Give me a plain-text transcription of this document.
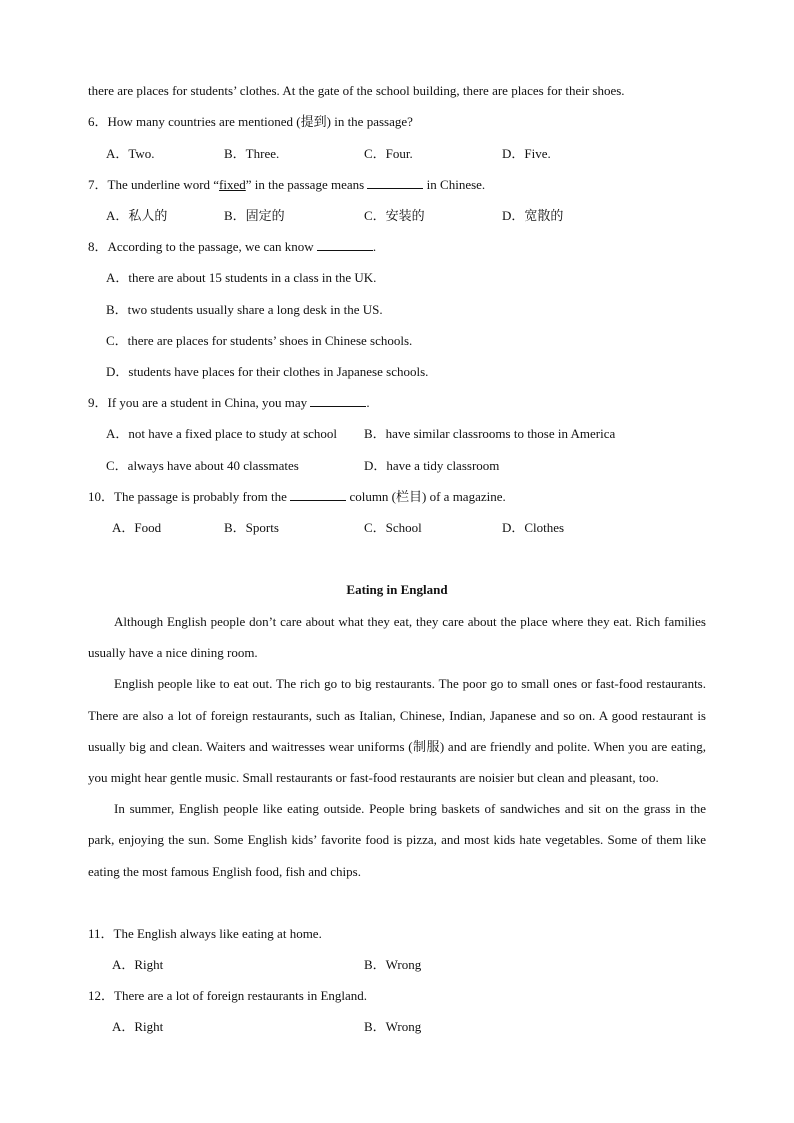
there are places for students’ clothes. At the gate of the school building, there are places for their shoes.
6．How many countries are mentioned (提到) in the passage?
A．Two.	B．Three.	C．Four.	D．Five.
7．The underline word “fixed” in the passage means	in Chinese.
A．私人的	B．固定的	C．安装的	D．宽散的
8．According to the passage, we can know	.
A．there are about 15 students in a class in the UK.
B．two students usually share a long desk in the US.
C．there are places for students’ shoes in Chinese schools.
D．students have places for their clothes in Japanese schools.
9．If you are a student in China, you may	.
A．not have a fixed place to study at school B．have similar classrooms to those in America
C．always have about 40 classmates	D．have a tidy classroom
10．The passage is probably from the	column (栏目) of a magazine.
A．Food	B．Sports	C．School	D．Clothes
Eating in England

Although English people don’t care about what they eat, they care about the place where they eat. Rich families usually have a nice dining room.

English people like to eat out. The rich go to big restaurants. The poor go to small ones or fast-food restaurants. There are also a lot of foreign restaurants, such as Italian, Chinese, Indian, Japanese and so on. A good restaurant is usually big and clean. Waiters and waitresses wear uniforms (制服) and are friendly and polite. When you are eating, you might hear gentle music. Small restaurants or fast-food restaurants are noisier but clean and pleasant, too.

In summer, English people like eating outside. People bring baskets of sandwiches and sit on the grass in the park, enjoying the sun. Some English kids’ favorite food is pizza, and most kids hate vegetables. Some of them like eating the most famous English food, fish and chips.

11．The English always like eating at home.
A．Right	B．Wrong
12．There are a lot of foreign restaurants in England.
A．Right	B．Wrong
